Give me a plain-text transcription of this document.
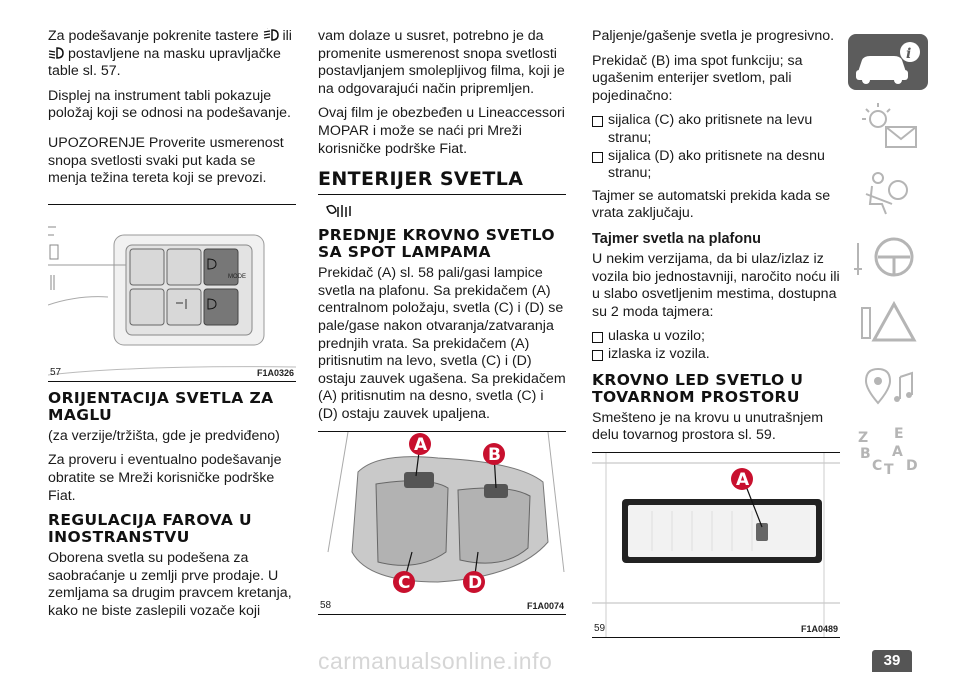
Za podešavanje pokrenite tastere ili
postavljene na masku upravljačke table sl. 57.

Displej na instrument tabli pokazuje položaj koji se odnosi na podešavanje.

UPOZORENJE Proverite usmerenost snopa svetlosti svaki put kada se menja težina tereta koji se prevozi.

MODE
57	F1A0326
ORIJENTACIJA SVETLA ZA MAGLU

(za verzije/tržišta, gde je predviđeno)

Za proveru i eventualno podešavanje obratite se Mreži korisničke podrške Fiat.

REGULACIJA FAROVA U INOSTRANSTVU

Oborena svetla su podešena za saobraćanje u zemlji prve prodaje. U zemljama sa drugim pravcem kretanja, kako ne biste zaslepili vozače koji

vam dolaze u susret, potrebno je da promenite usmerenost snopa svetlosti postavljanjem smolepljivog filma, koji je na odgovarajući način pripremljen.

Ovaj film je obezbeđen u Lineaccessori MOPAR i može se naći pri Mreži korisničke podrške Fiat.

ENTERIJER SVETLA
PREDNJE KROVNO SVETLO SA SPOT LAMPAMA

Prekidač (A) sl. 58 pali/gasi lampice svetla na plafonu. Sa prekidačem (A) centralnom položaju, svetla (C) i (D) se pale/gase nakon otvaranja/zatvaranja prednjih vrata. Sa prekidačem (A) pritisnutim na levo, svetla (C) i (D) ostaju zauvek ugašena. Sa prekidačem (A) pritisnutim na desno, svetla (C) i (D) ostaju zauvek upaljena.

A	B
C	D
58	F1A0074

Paljenje/gašenje svetla je progresivno.

Prekidač (B) ima spot funkciju; sa ugašenim enterijer svetlom, pali pojedinačno:

sijalica (C) ako pritisnete na levu stranu;
sijalica (D) ako pritisnete na desnu stranu;

Tajmer se automatski prekida kada se vrata zaključaju.

Tajmer svetla na plafonu

U nekim verzijama, da bi ulaz/izlaz iz vozila bio jednostavniji, naročito noću ili u slabo osvetljenim mestima, dostupna su 2 moda tajmera:

ulaska u vozilo;
izlaska iz vozila.
KROVNO LED SVETLO U TOVARNOM PROSTORU

Smešteno je na krovu u unutrašnjem delu tovarnog prostora sl. 59.

A
59	F1A0489
i
Z E
B A
C T D
39
carmanualsonline.info
